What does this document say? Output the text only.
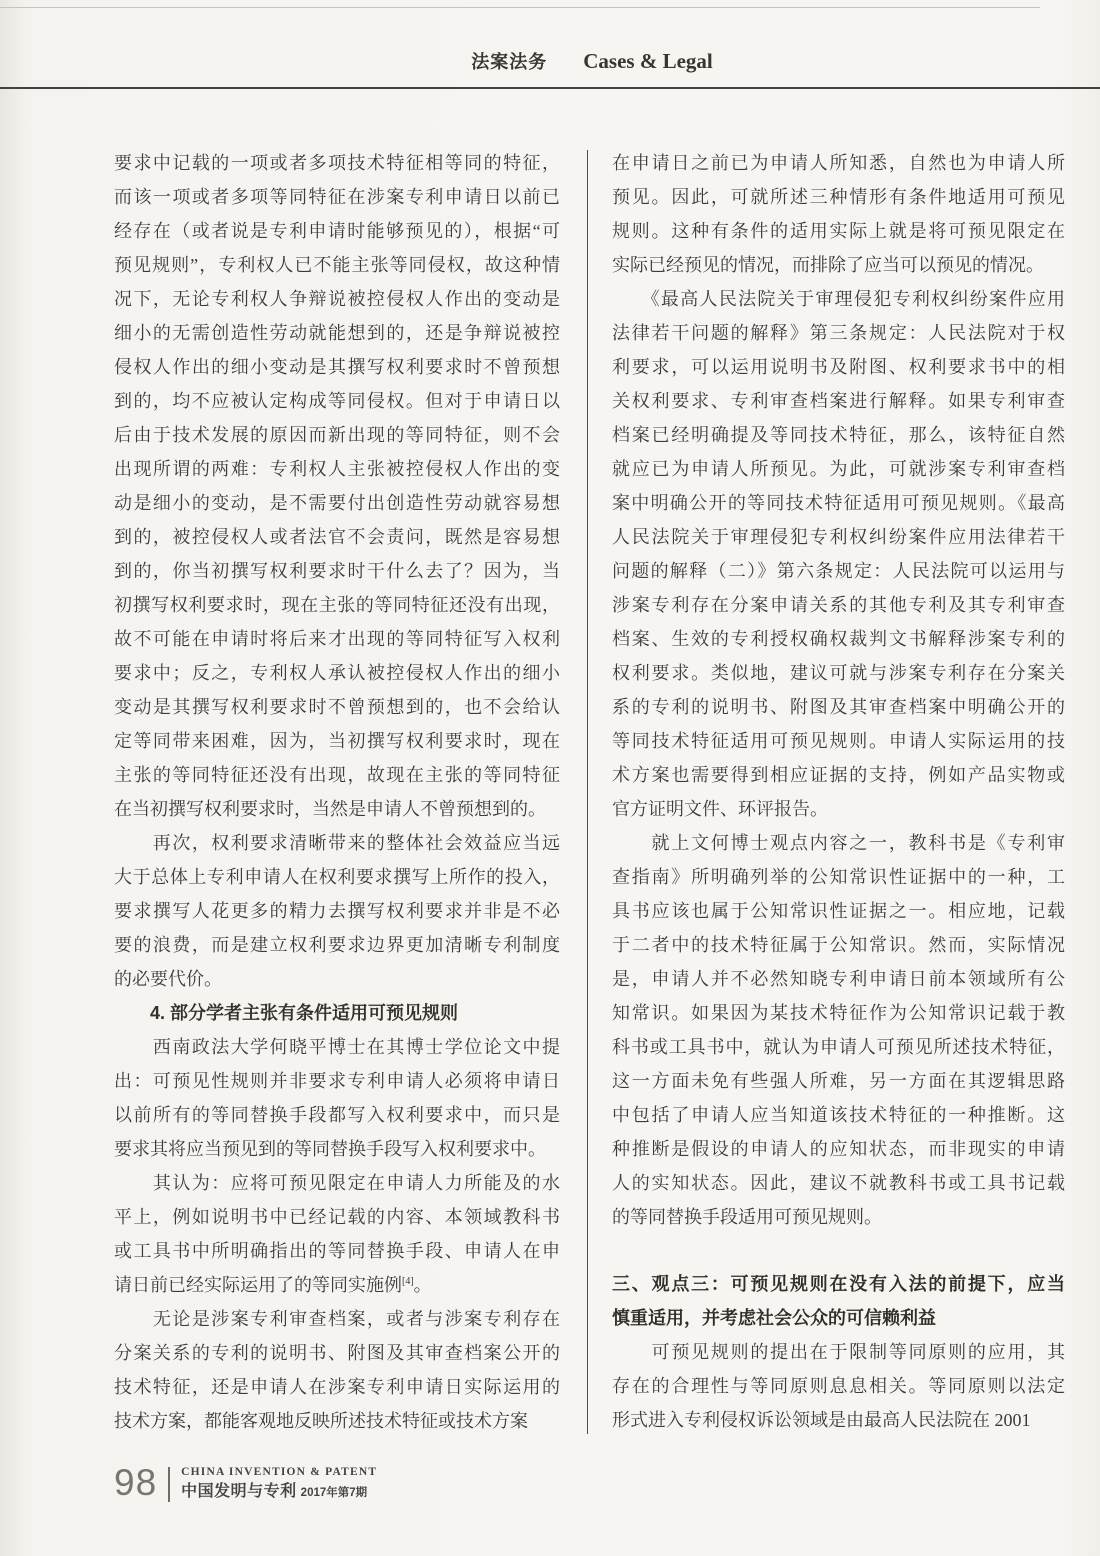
法案法务 Cases & Legal
要求中记载的一项或者多项技术特征相等同的特征，
而该一项或者多项等同特征在涉案专利申请日以前已
经存在（或者说是专利申请时能够预见的），根据“可
预见规则”，专利权人已不能主张等同侵权，故这种情
况下，无论专利权人争辩说被控侵权人作出的变动是
细小的无需创造性劳动就能想到的，还是争辩说被控
侵权人作出的细小变动是其撰写权利要求时不曾预想
到的，均不应被认定构成等同侵权。但对于申请日以
后由于技术发展的原因而新出现的等同特征，则不会
出现所谓的两难：专利权人主张被控侵权人作出的变
动是细小的变动，是不需要付出创造性劳动就容易想
到的，被控侵权人或者法官不会责问，既然是容易想
到的，你当初撰写权利要求时干什么去了？因为，当
初撰写权利要求时，现在主张的等同特征还没有出现，
故不可能在申请时将后来才出现的等同特征写入权利
要求中；反之，专利权人承认被控侵权人作出的细小
变动是其撰写权利要求时不曾预想到的，也不会给认
定等同带来困难，因为，当初撰写权利要求时，现在
主张的等同特征还没有出现，故现在主张的等同特征
在当初撰写权利要求时，当然是申请人不曾预想到的。
　　再次，权利要求清晰带来的整体社会效益应当远
大于总体上专利申请人在权利要求撰写上所作的投入，
要求撰写人花更多的精力去撰写权利要求并非是不必
要的浪费，而是建立权利要求边界更加清晰专利制度
的必要代价。
　　4. 部分学者主张有条件适用可预见规则
　　西南政法大学何晓平博士在其博士学位论文中提
出：可预见性规则并非要求专利申请人必须将申请日
以前所有的等同替换手段都写入权利要求中，而只是
要求其将应当预见到的等同替换手段写入权利要求中。
　　其认为：应将可预见限定在申请人力所能及的水
平上，例如说明书中已经记载的内容、本领域教科书
或工具书中所明确指出的等同替换手段、申请人在申
请日前已经实际运用了的等同实施例[4]。
　　无论是涉案专利审查档案，或者与涉案专利存在
分案关系的专利的说明书、附图及其审查档案公开的
技术特征，还是申请人在涉案专利申请日实际运用的
技术方案，都能客观地反映所述技术特征或技术方案
在申请日之前已为申请人所知悉，自然也为申请人所
预见。因此，可就所述三种情形有条件地适用可预见
规则。这种有条件的适用实际上就是将可预见限定在
实际已经预见的情况，而排除了应当可以预见的情况。
　　《最高人民法院关于审理侵犯专利权纠纷案件应用
法律若干问题的解释》第三条规定：人民法院对于权
利要求，可以运用说明书及附图、权利要求书中的相
关权利要求、专利审查档案进行解释。如果专利审查
档案已经明确提及等同技术特征，那么，该特征自然
就应已为申请人所预见。为此，可就涉案专利审查档
案中明确公开的等同技术特征适用可预见规则。《最高
人民法院关于审理侵犯专利权纠纷案件应用法律若干
问题的解释（二）》第六条规定：人民法院可以运用与
涉案专利存在分案申请关系的其他专利及其专利审查
档案、生效的专利授权确权裁判文书解释涉案专利的
权利要求。类似地，建议可就与涉案专利存在分案关
系的专利的说明书、附图及其审查档案中明确公开的
等同技术特征适用可预见规则。申请人实际运用的技
术方案也需要得到相应证据的支持，例如产品实物或
官方证明文件、环评报告。
　　就上文何博士观点内容之一，教科书是《专利审
查指南》所明确列举的公知常识性证据中的一种，工
具书应该也属于公知常识性证据之一。相应地，记载
于二者中的技术特征属于公知常识。然而，实际情况
是，申请人并不必然知晓专利申请日前本领域所有公
知常识。如果因为某技术特征作为公知常识记载于教
科书或工具书中，就认为申请人可预见所述技术特征，
这一方面未免有些强人所难，另一方面在其逻辑思路
中包括了申请人应当知道该技术特征的一种推断。这
种推断是假设的申请人的应知状态，而非现实的申请
人的实知状态。因此，建议不就教科书或工具书记载
的等同替换手段适用可预见规则。
三、观点三：可预见规则在没有入法的前提下，应当
慎重适用，并考虑社会公众的可信赖利益
　　可预见规则的提出在于限制等同原则的应用，其
存在的合理性与等同原则息息相关。等同原则以法定
形式进入专利侵权诉讼领域是由最高人民法院在 2001
98 CHINA INVENTION & PATENT
中国发明与专利 2017年第7期
